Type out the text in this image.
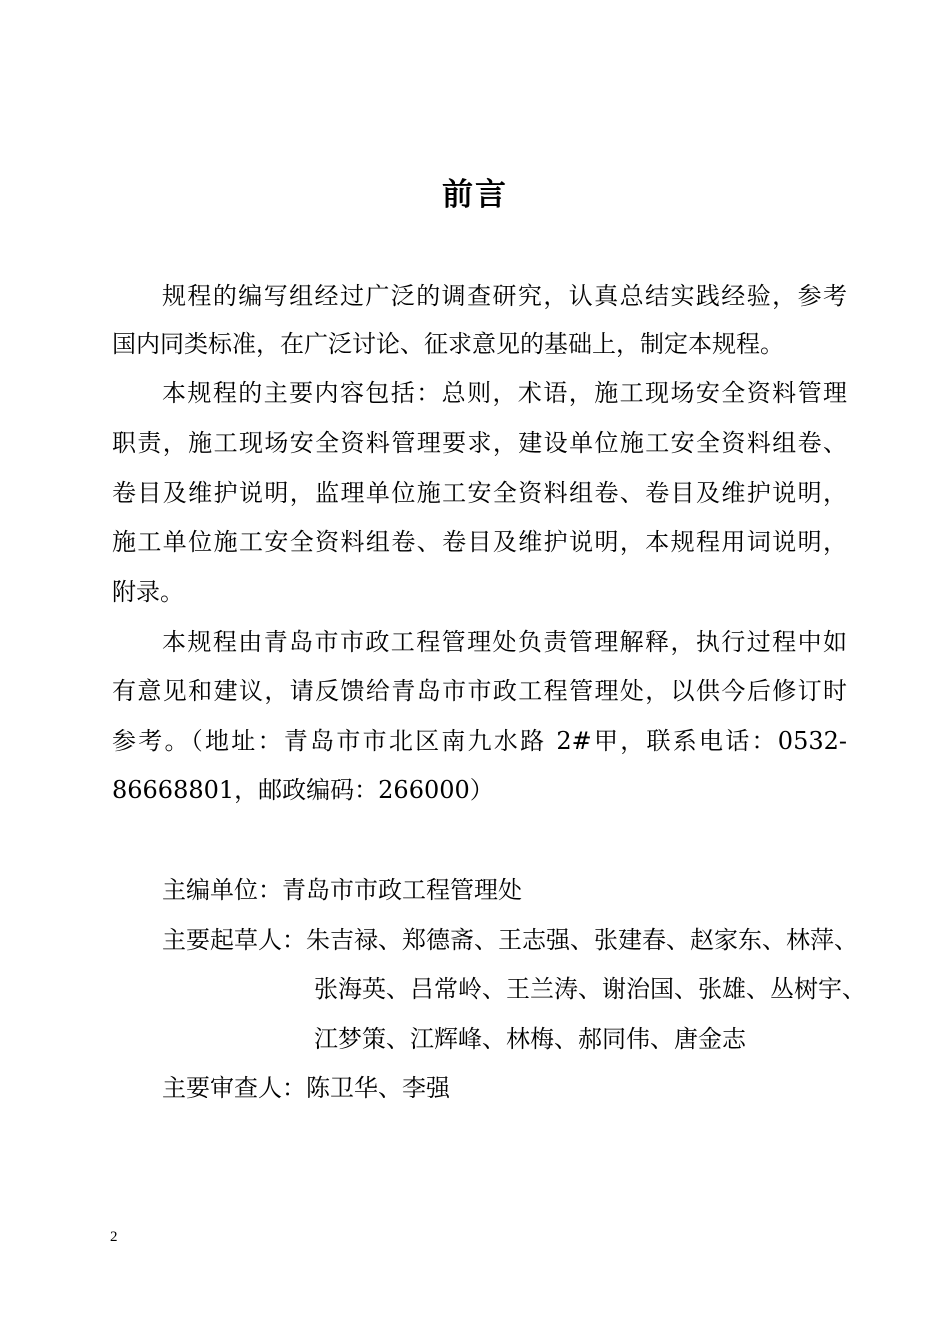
前言
规程的编写组经过广泛的调查研究，认真总结实践经验，参考
国内同类标准，在广泛讨论、征求意见的基础上，制定本规程。
本规程的主要内容包括：总则，术语，施工现场安全资料管理
职责，施工现场安全资料管理要求，建设单位施工安全资料组卷、
卷目及维护说明，监理单位施工安全资料组卷、卷目及维护说明，
施工单位施工安全资料组卷、卷目及维护说明，本规程用词说明，
附录。
本规程由青岛市市政工程管理处负责管理解释，执行过程中如
有意见和建议，请反馈给青岛市市政工程管理处，以供今后修订时
参考。（地址：青岛市市北区南九水路 2#甲，联系电话：0532-
86668801，邮政编码：266000）
主编单位：青岛市市政工程管理处
主要起草人：朱吉禄、郑德斋、王志强、张建春、赵家东、林萍、
张海英、吕常岭、王兰涛、谢治国、张雄、丛树宇、
江梦策、江辉峰、林梅、郝同伟、唐金志
主要审查人：陈卫华、李强
2
